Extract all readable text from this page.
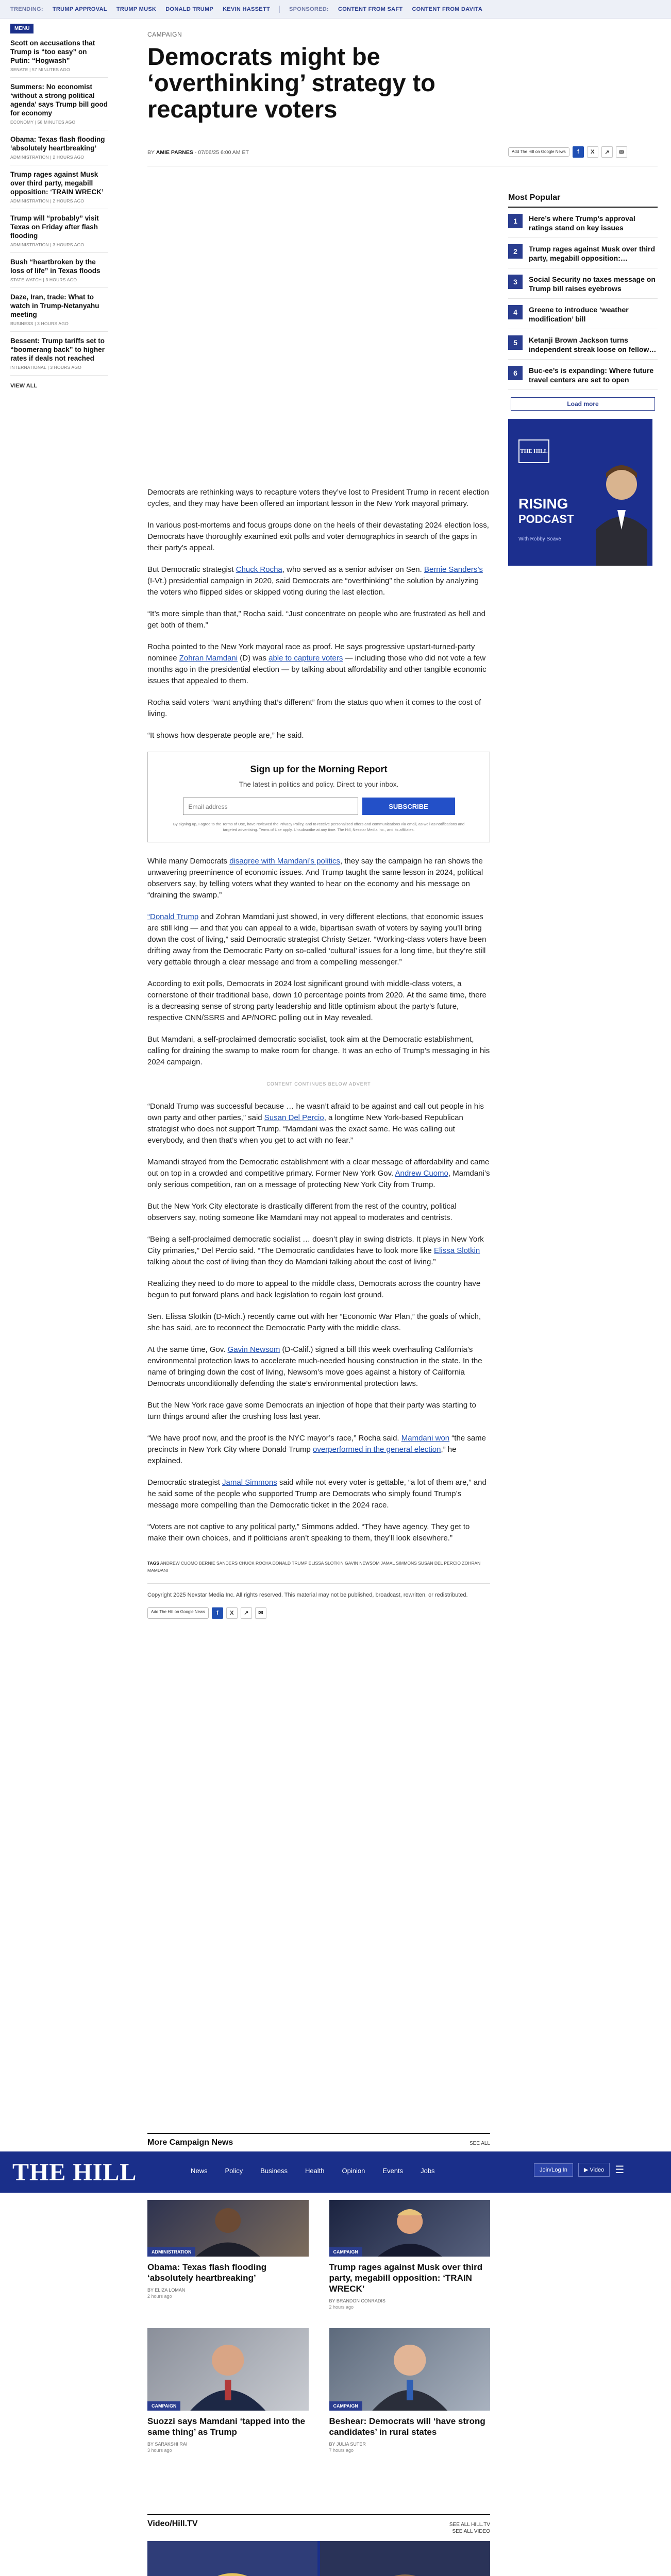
TRENDING: TRUMP APPROVAL TRUMP MUSK DONALD TRUMP KEVIN HASSETT	SPONSORED: CONTENT FROM SAFT CONTENT FROM DAVITA
MENU
Scott on accusations that Trump is “too easy” on Putin: “Hogwash”
SENATE | 57 MINUTES AGO
Summers: No economist ‘without a strong political agenda’ says Trump bill good for economy
ECONOMY | 58 MINUTES AGO
Obama: Texas flash flooding ‘absolutely heartbreaking’
ADMINISTRATION | 2 HOURS AGO
Trump rages against Musk over third party, megabill opposition: ‘TRAIN WRECK’
ADMINISTRATION | 2 HOURS AGO
Trump will “probably” visit Texas on Friday after flash flooding
ADMINISTRATION | 3 HOURS AGO
Bush “heartbroken by the loss of life” in Texas floods
STATE WATCH | 3 HOURS AGO
Daze, Iran, trade: What to watch in Trump-Netanyahu meeting
BUSINESS | 3 HOURS AGO
Bessent: Trump tariffs set to “boomerang back” to higher rates if deals not reached
INTERNATIONAL | 3 HOURS AGO
VIEW ALL
CAMPAIGN
Democrats might be ‘overthinking’ strategy to recapture voters
BY AMIE PARNES - 07/06/25 6:00 AM ET	Add The Hill on Google News	f	X	↗	✉
Most Popular
1	Here’s where Trump’s approval ratings stand on key issues
2	Trump rages against Musk over third party, megabill opposition:…
3	Social Security no taxes message on Trump bill raises eyebrows
4	Greene to introduce ‘weather modification’ bill
5	Ketanji Brown Jackson turns independent streak loose on fellow…
6	Buc-ee’s is expanding: Where future travel centers are set to open
Load more
THE HILL
RISING
PODCAST
With Robby Soave

Democrats are rethinking ways to recapture voters they’ve lost to President Trump in recent election cycles, and they may have been offered an important lesson in the New York mayoral primary.

In various post-mortems and focus groups done on the heels of their devastating 2024 election loss, Democrats have thoroughly examined exit polls and voter demographics in search of the gaps in their party’s appeal.

But Democratic strategist Chuck Rocha, who served as a senior adviser on Sen. Bernie Sanders’s (I-Vt.) presidential campaign in 2020, said Democrats are “overthinking” the solution by analyzing the voters who flipped sides or skipped voting during the last election.

“It’s more simple than that,” Rocha said. “Just concentrate on people who are frustrated as hell and get both of them.”

Rocha pointed to the New York mayoral race as proof. He says progressive upstart-turned-party nominee Zohran Mamdani (D) was able to capture voters — including those who did not vote a few months ago in the presidential election — by talking about affordability and other tangible economic issues that appealed to them.

Rocha said voters “want anything that’s different” from the status quo when it comes to the cost of living.

“It shows how desperate people are,” he said.

Sign up for the Morning Report
The latest in politics and policy. Direct to your inbox.
Email address	SUBSCRIBE
By signing up, I agree to the Terms of Use, have reviewed the Privacy Policy, and to receive personalized offers and communications via email, as well as notifications and targeted advertising. Terms of Use apply. Unsubscribe at any time. The Hill, Nexstar Media Inc., and its affiliates.

While many Democrats disagree with Mamdani’s politics, they say the campaign he ran shows the unwavering preeminence of economic issues. And Trump taught the same lesson in 2024, political observers say, by telling voters what they wanted to hear on the economy and his message on “draining the swamp.”

“Donald Trump and Zohran Mamdani just showed, in very different elections, that economic issues are still king — and that you can appeal to a wide, bipartisan swath of voters by saying you’ll bring down the cost of living,” said Democratic strategist Christy Setzer. “Working-class voters have been drifting away from the Democratic Party on so-called ‘cultural’ issues for a long time, but they’re still very gettable through a clear message and from a compelling messenger.”

According to exit polls, Democrats in 2024 lost significant ground with middle-class voters, a cornerstone of their traditional base, down 10 percentage points from 2020. At the same time, there is a decreasing sense of strong party leadership and little optimism about the party’s future, respective CNN/SSRS and AP/NORC polling out in May revealed.

But Mamdani, a self-proclaimed democratic socialist, took aim at the Democratic establishment, calling for draining the swamp to make room for change. It was an echo of Trump’s messaging in his 2024 campaign.

CONTENT CONTINUES BELOW ADVERT

“Donald Trump was successful because … he wasn’t afraid to be against and call out people in his own party and other parties,” said Susan Del Percio, a longtime New York-based Republican strategist who does not support Trump. “Mamdani was the exact same. He was calling out everybody, and then that’s when you get to act with no fear.”

Mamandi strayed from the Democratic establishment with a clear message of affordability and came out on top in a crowded and competitive primary. Former New York Gov. Andrew Cuomo, Mamdani’s only serious competition, ran on a message of protecting New York City from Trump.

But the New York City electorate is drastically different from the rest of the country, political observers say, noting someone like Mamdani may not appeal to moderates and centrists.

“Being a self-proclaimed democratic socialist … doesn’t play in swing districts. It plays in New York City primaries,” Del Percio said. “The Democratic candidates have to look more like Elissa Slotkin talking about the cost of living than they do Mamdani talking about the cost of living.”

Realizing they need to do more to appeal to the middle class, Democrats across the country have begun to put forward plans and back legislation to regain lost ground.

Sen. Elissa Slotkin (D-Mich.) recently came out with her “Economic War Plan,” the goals of which, she has said, are to reconnect the Democratic Party with the middle class.

At the same time, Gov. Gavin Newsom (D-Calif.) signed a bill this week overhauling California’s environmental protection laws to accelerate much-needed housing construction in the state. In the name of bringing down the cost of living, Newsom’s move goes against a history of California Democrats unconditionally defending the state’s environmental protection laws.

But the New York race gave some Democrats an injection of hope that their party was starting to turn things around after the crushing loss last year.

“We have proof now, and the proof is the NYC mayor’s race,” Rocha said. Mamdani won “the same precincts in New York City where Donald Trump overperformed in the general election,” he explained.

Democratic strategist Jamal Simmons said while not every voter is gettable, “a lot of them are,” and he said some of the people who supported Trump are Democrats who simply found Trump’s message more compelling than the Democratic ticket in the 2024 race.

“Voters are not captive to any political party,” Simmons added. “They have agency. They get to make their own choices, and if politicians aren’t speaking to them, they’ll look elsewhere.”

TAGS ANDREW CUOMO BERNIE SANDERS CHUCK ROCHA DONALD TRUMP ELISSA SLOTKIN GAVIN NEWSOM JAMAL SIMMONS SUSAN DEL PERCIO ZOHRAN MAMDANI
Copyright 2025 Nexstar Media Inc. All rights reserved. This material may not be published, broadcast, rewritten, or redistributed.
Add The Hill on Google News	f	X	↗	✉
THE HILL	News	Policy	Business	Health	Opinion	Events	Jobs	Join/Log In	▶ Video	☰
More Campaign News	SEE ALL
ADMINISTRATION
Obama: Texas flash flooding ‘absolutely heartbreaking’
BY ELIZA LOMAN
2 hours ago
CAMPAIGN
Trump rages against Musk over third party, megabill opposition: ‘TRAIN WRECK’
BY BRANDON CONRADIS
2 hours ago
CAMPAIGN
Suozzi says Mamdani ‘tapped into the same thing’ as Trump
BY SARAKSHI RAI
3 hours ago
CAMPAIGN
Beshear: Democrats will ‘have strong candidates’ in rural states
BY JULIA SUTER
7 hours ago
Video/Hill.TV	SEE ALL HILL.TV
SEE ALL VIDEO
